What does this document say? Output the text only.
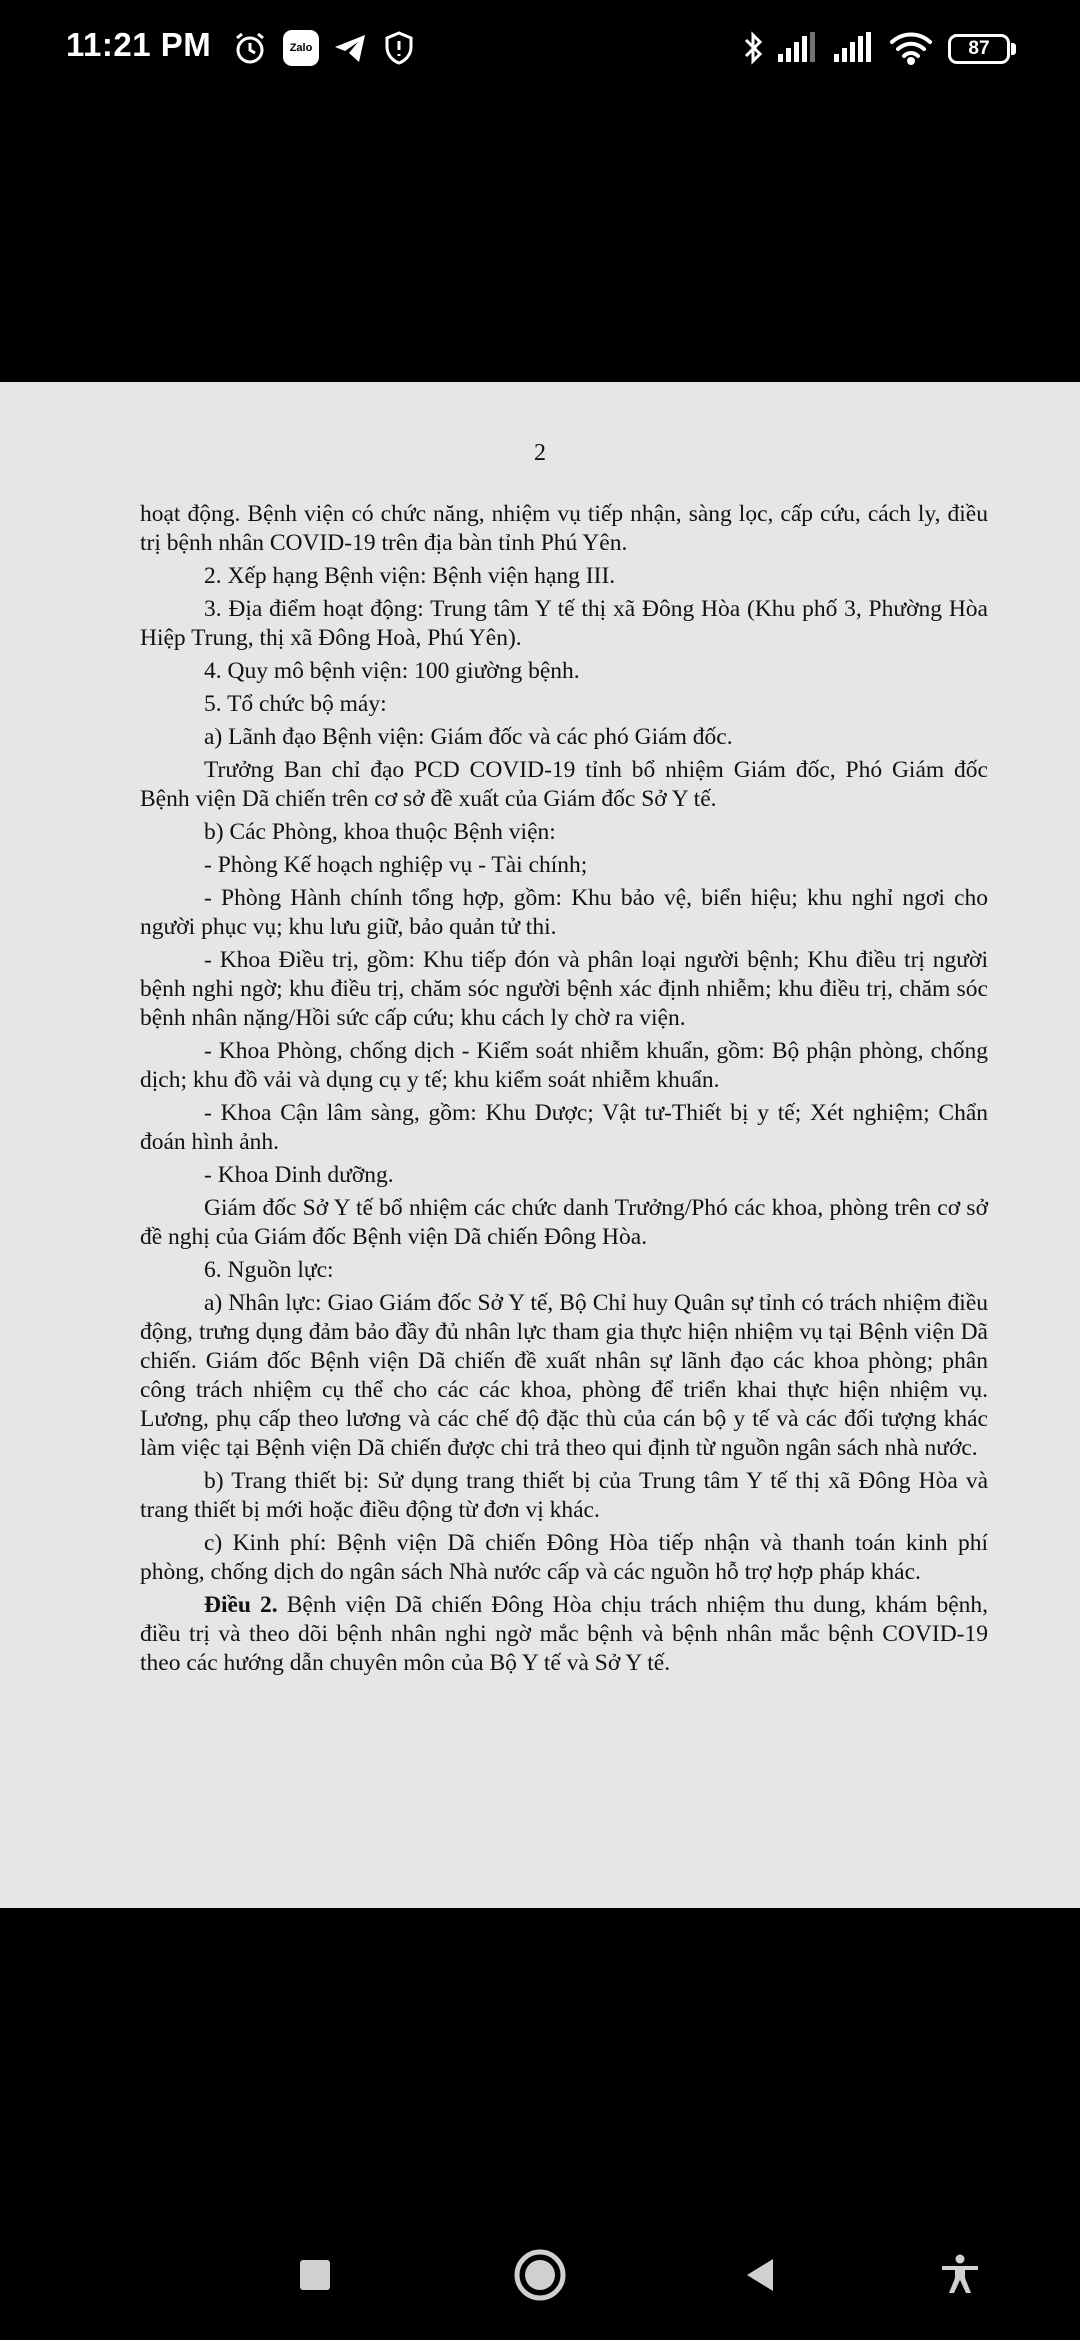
11:21 PM	Zalo	87
2

hoạt động. Bệnh viện có chức năng, nhiệm vụ tiếp nhận, sàng lọc, cấp cứu, cách ly, điều trị bệnh nhân COVID-19 trên địa bàn tỉnh Phú Yên.

2. Xếp hạng Bệnh viện: Bệnh viện hạng III.

3. Địa điểm hoạt động: Trung tâm Y tế thị xã Đông Hòa (Khu phố 3, Phường Hòa Hiệp Trung, thị xã Đông Hoà, Phú Yên).

4. Quy mô bệnh viện: 100 giường bệnh.

5. Tổ chức bộ máy:

a) Lãnh đạo Bệnh viện: Giám đốc và các phó Giám đốc.

Trưởng Ban chỉ đạo PCD COVID-19 tỉnh bổ nhiệm Giám đốc, Phó Giám đốc Bệnh viện Dã chiến trên cơ sở đề xuất của Giám đốc Sở Y tế.

b) Các Phòng, khoa thuộc Bệnh viện:

- Phòng Kế hoạch nghiệp vụ - Tài chính;

- Phòng Hành chính tổng hợp, gồm: Khu bảo vệ, biển hiệu; khu nghỉ ngơi cho người phục vụ; khu lưu giữ, bảo quản tử thi.

- Khoa Điều trị, gồm: Khu tiếp đón và phân loại người bệnh; Khu điều trị người bệnh nghi ngờ; khu điều trị, chăm sóc người bệnh xác định nhiễm; khu điều trị, chăm sóc bệnh nhân nặng/Hồi sức cấp cứu; khu cách ly chờ ra viện.

- Khoa Phòng, chống dịch - Kiểm soát nhiễm khuẩn, gồm: Bộ phận phòng, chống dịch; khu đồ vải và dụng cụ y tế; khu kiểm soát nhiễm khuẩn.

- Khoa Cận lâm sàng, gồm: Khu Dược; Vật tư-Thiết bị y tế; Xét nghiệm; Chẩn đoán hình ảnh.

- Khoa Dinh dưỡng.

Giám đốc Sở Y tế bổ nhiệm các chức danh Trưởng/Phó các khoa, phòng trên cơ sở đề nghị của Giám đốc Bệnh viện Dã chiến Đông Hòa.

6. Nguồn lực:

a) Nhân lực: Giao Giám đốc Sở Y tế, Bộ Chỉ huy Quân sự tỉnh có trách nhiệm điều động, trưng dụng đảm bảo đầy đủ nhân lực tham gia thực hiện nhiệm vụ tại Bệnh viện Dã chiến. Giám đốc Bệnh viện Dã chiến đề xuất nhân sự lãnh đạo các khoa phòng; phân công trách nhiệm cụ thể cho các các khoa, phòng để triển khai thực hiện nhiệm vụ. Lương, phụ cấp theo lương và các chế độ đặc thù của cán bộ y tế và các đối tượng khác làm việc tại Bệnh viện Dã chiến được chi trả theo qui định từ nguồn ngân sách nhà nước.

b) Trang thiết bị: Sử dụng trang thiết bị của Trung tâm Y tế thị xã Đông Hòa và trang thiết bị mới hoặc điều động từ đơn vị khác.

c) Kinh phí: Bệnh viện Dã chiến Đông Hòa tiếp nhận và thanh toán kinh phí phòng, chống dịch do ngân sách Nhà nước cấp và các nguồn hỗ trợ hợp pháp khác.

Điều 2. Bệnh viện Dã chiến Đông Hòa chịu trách nhiệm thu dung, khám bệnh, điều trị và theo dõi bệnh nhân nghi ngờ mắc bệnh và bệnh nhân mắc bệnh COVID-19 theo các hướng dẫn chuyên môn của Bộ Y tế và Sở Y tế.
